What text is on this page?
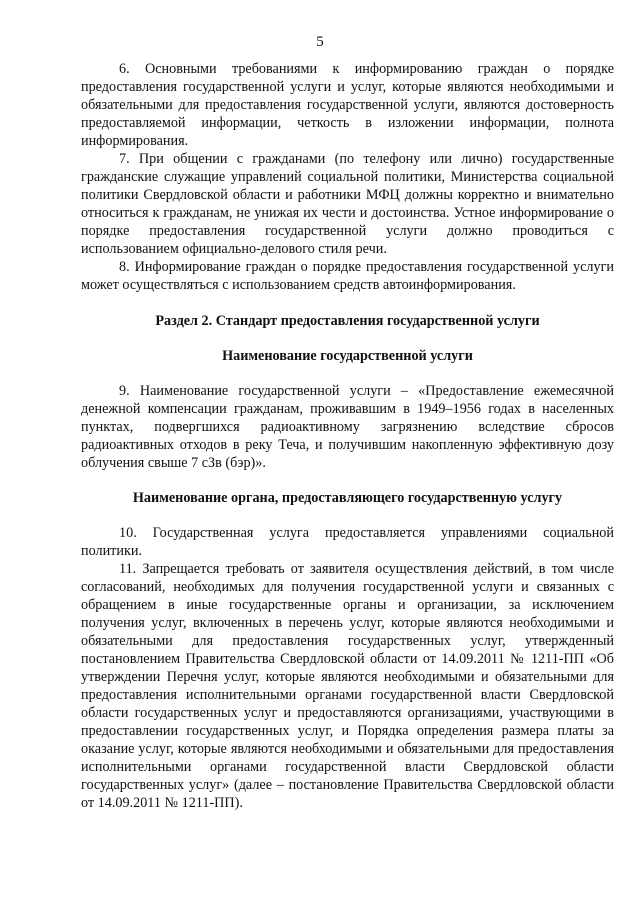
5

6. Основными требованиями к информированию граждан о порядке предоставления государственной услуги и услуг, которые являются необходимыми и обязательными для предоставления государственной услуги, являются достоверность предоставляемой информации, четкость в изложении информации, полнота информирования.

7. При общении с гражданами (по телефону или лично) государственные гражданские служащие управлений социальной политики, Министерства социальной политики Свердловской области и работники МФЦ должны корректно и внимательно относиться к гражданам, не унижая их чести и достоинства. Устное информирование о порядке предоставления государственной услуги должно проводиться с использованием официально-делового стиля речи.

8. Информирование граждан о порядке предоставления государственной услуги может осуществляться с использованием средств автоинформирования.

Раздел 2. Стандарт предоставления государственной услуги
Наименование государственной услуги

9. Наименование государственной услуги – «Предоставление ежемесячной денежной компенсации гражданам, проживавшим в 1949–1956 годах в населенных пунктах, подвергшихся радиоактивному загрязнению вследствие сбросов радиоактивных отходов в реку Теча, и получившим накопленную эффективную дозу облучения свыше 7 сЗв (бэр)».

Наименование органа, предоставляющего государственную услугу

10. Государственная услуга предоставляется управлениями социальной политики.

11. Запрещается требовать от заявителя осуществления действий, в том числе согласований, необходимых для получения государственной услуги и связанных с обращением в иные государственные органы и организации, за исключением получения услуг, включенных в перечень услуг, которые являются необходимыми и обязательными для предоставления государственных услуг, утвержденный постановлением Правительства Свердловской области от 14.09.2011 № 1211-ПП «Об утверждении Перечня услуг, которые являются необходимыми и обязательными для предоставления исполнительными органами государственной власти Свердловской области государственных услуг и предоставляются организациями, участвующими в предоставлении государственных услуг, и Порядка определения размера платы за оказание услуг, которые являются необходимыми и обязательными для предоставления исполнительными органами государственной власти Свердловской области государственных услуг» (далее – постановление Правительства Свердловской области от 14.09.2011 № 1211-ПП).
